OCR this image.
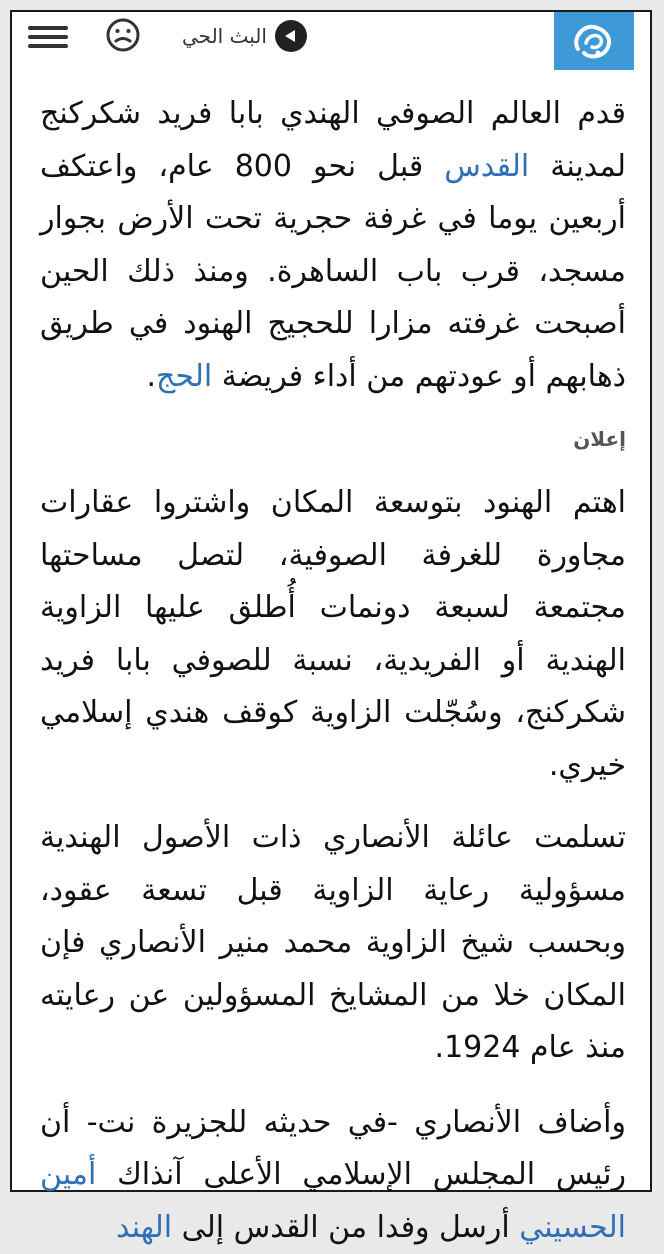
البث الحي

قدم العالم الصوفي الهندي بابا فريد شكركنج لمدينة القدس قبل نحو 800 عام، واعتكف أربعين يوما في غرفة حجرية تحت الأرض بجوار مسجد، قرب باب الساهرة. ومنذ ذلك الحين أصبحت غرفته مزارا للحجيج الهنود في طريق ذهابهم أو عودتهم من أداء فريضة الحج.

إعلان

اهتم الهنود بتوسعة المكان واشتروا عقارات مجاورة للغرفة الصوفية، لتصل مساحتها مجتمعة لسبعة دونمات أُطلق عليها الزاوية الهندية أو الفريدية، نسبة للصوفي بابا فريد شكركنج، وسُجّلت الزاوية كوقف هندي إسلامي خيري.

تسلمت عائلة الأنصاري ذات الأصول الهندية مسؤولية رعاية الزاوية قبل تسعة عقود، وبحسب شيخ الزاوية محمد منير الأنصاري فإن المكان خلا من المشايخ المسؤولين عن رعايته منذ عام 1924.

وأضاف الأنصاري -في حديثه للجزيرة نت- أن رئيس المجلس الإسلامي الأعلى آنذاك أمين الحسيني أرسل وفدا من القدس إلى الهند
